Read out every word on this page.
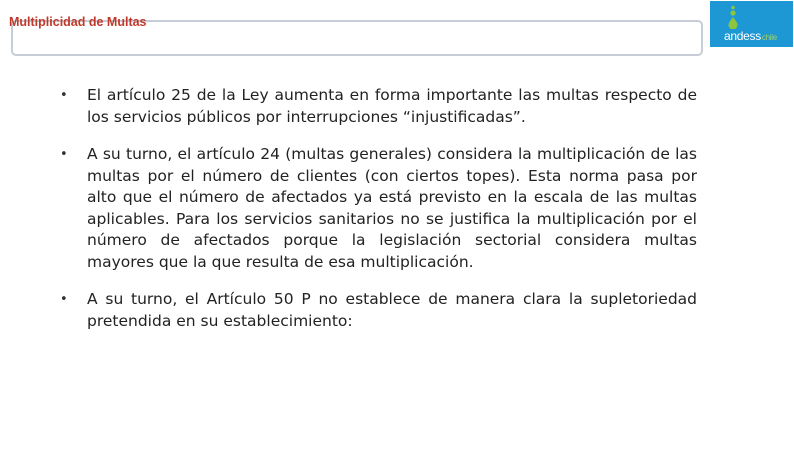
Multiplicidad de Multas
andesschile
• El artículo 25 de la Ley aumenta en forma importante las multas respecto de los servicios públicos por interrupciones “injustificadas”.
• A su turno, el artículo 24 (multas generales) considera la multiplicación de las multas por el número de clientes (con ciertos topes). Esta norma pasa por alto que el número de afectados ya está previsto en la escala de las multas aplicables. Para los servicios sanitarios no se justifica la multiplicación por el número de afectados porque la legislación sectorial considera multas mayores que la que resulta de esa multiplicación.
• A su turno, el Artículo 50 P no establece de manera clara la supletoriedad pretendida en su establecimiento:
